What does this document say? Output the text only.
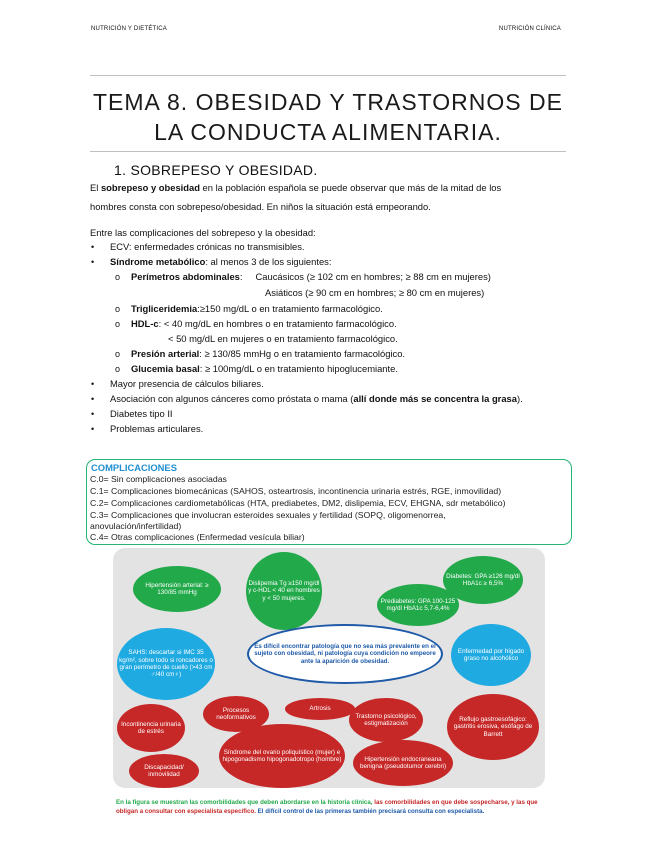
NUTRICIÓN Y DIETÉTICA	NUTRICIÓN CLÍNICA
TEMA 8. OBESIDAD Y TRASTORNOS DE
LA CONDUCTA ALIMENTARIA.
1. SOBREPESO Y OBESIDAD.
El sobrepeso y obesidad en la población española se puede observar que más de la mitad de los
hombres consta con sobrepeso/obesidad. En niños la situación está empeorando.
Entre las complicaciones del sobrepeso y la obesidad:
• ECV: enfermedades crónicas no transmisibles.
• Síndrome metabólico: al menos 3 de los siguientes:
o Perímetros abdominales:     Caucásicos (≥ 102 cm en hombres; ≥ 88 cm en mujeres)
Asiáticos (≥ 90 cm en hombres; ≥ 80 cm en mujeres)
o Trigliceridemia:≥150 mg/dL o en tratamiento farmacológico.
o HDL-c: < 40 mg/dL en hombres o en tratamiento farmacológico.
< 50 mg/dL en mujeres o en tratamiento farmacológico.
o Presión arterial: ≥ 130/85 mmHg o en tratamiento farmacológico.
o Glucemia basal: ≥ 100mg/dL o en tratamiento hipoglucemiante.
• Mayor presencia de cálculos biliares.
• Asociación con algunos cánceres como próstata o mama (allí donde más se concentra la grasa).
• Diabetes tipo II
• Problemas articulares.
COMPLICACIONES
C.0= Sin complicaciones asociadas
C.1= Complicaciones biomecánicas (SAHOS, osteartrosis, incontinencia urinaria estrés, RGE, inmovilidad)
C.2= Complicaciones cardiometabólicas (HTA, prediabetes, DM2, dislipemia, ECV, EHGNA, sdr metabólico)
C.3= Complicaciones que involucran esteroides sexuales y fertilidad (SOPQ, oligomenorrea,
anovulación/infertilidad)
C.4= Otras complicaciones (Enfermedad vesícula biliar)
Hipertensión arterial: ≥ 130/85 mmHg
Dislipemia Tg ≥150 mg/dl y c-HDL < 40 en hombres y < 50 mujeres.
Diabetes: GPA ≥126 mg/dl HbA1c ≥ 6,5%
Prediabetes: GPA 100-125 mg/dl HbA1c 5,7-6,4%
SAHS: descartar si IMC 35 kg/m², sobre todo si roncadores o gran perímetro de cuello (>43 cm ♂/40 cm♀)
Es difícil encontrar patología que no sea más prevalente en el sujeto con obesidad, ni patología cuya condición no empeore ante la aparición de obesidad.
Enfermedad por hígado graso no alcohólico
Incontinencia urinaria de estrés
Procesos neoformativos
Artrosis
Trastorno psicológico, estigmatización
Reflujo gastroesofágico: gastritis erosiva, esófago de Barrett
Síndrome del ovario poliquístico (mujer) e hipogonadismo hipogonadotropo (hombre)
Discapacidad/ inmovilidad
Hipertensión endocraneana benigna (pseudotumor cerebri)
En la figura se muestran las comorbilidades que deben abordarse en la historia clínica, las comorbilidades en que debe sospecharse, y las que obligan a consultar con especialista específico. El difícil control de las primeras también precisará consulta con especialista.
